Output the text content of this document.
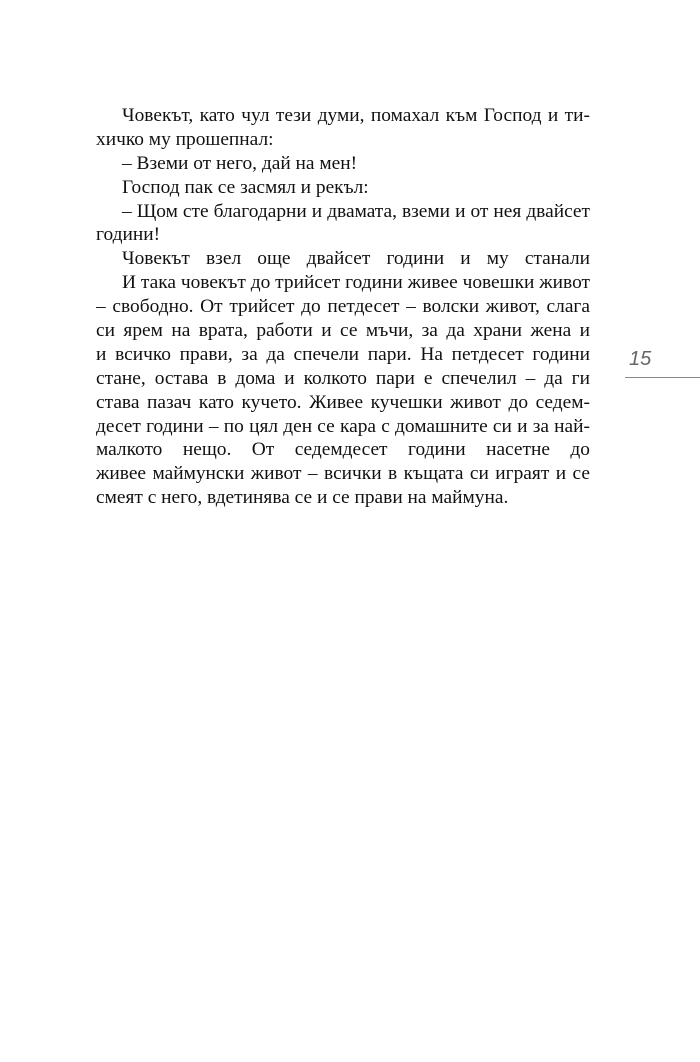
Човекът, като чул тези думи, помахал към Господ и ти-
хичко му прошепнал:
– Вземи от него, дай на мен!
Господ пак се засмял и рекъл:
– Щом сте благодарни и двамата, вземи и от нея двайсет
години!
Човекът взел още двайсет години и му станали
И така човекът до трийсет години живее човешки живот
– свободно. От трийсет до петдесет – волски живот, слага
си ярем на врата, работи и се мъчи, за да храни жена и
и всичко прави, за да спечели пари. На петдесет години
стане, остава в дома и колкото пари е спечелил – да ги
става пазач като кучето. Живее кучешки живот до седем-
десет години – по цял ден се кара с домашните си и за най-
малкото нещо. От седемдесет години насетне до
живее маймунски живот – всички в къщата си играят и се
смеят с него, вдетинява се и се прави на маймуна.
15
